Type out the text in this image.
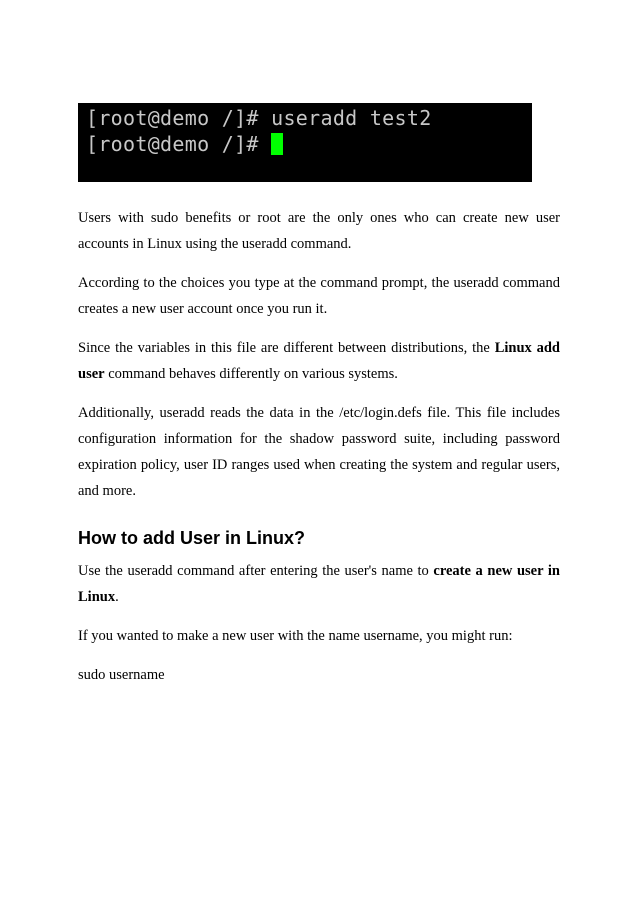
[root@demo /]# useradd test2
[root@demo /]#

Users with sudo benefits or root are the only ones who can create new user accounts in Linux using the useradd command.

According to the choices you type at the command prompt, the useradd command creates a new user account once you run it.

Since the variables in this file are different between distributions, the Linux add user command behaves differently on various systems.

Additionally, useradd reads the data in the /etc/login.defs file. This file includes configuration information for the shadow password suite, including password expiration policy, user ID ranges used when creating the system and regular users, and more.

How to add User in Linux?

Use the useradd command after entering the user's name to create a new user in Linux.

If you wanted to make a new user with the name username, you might run:

sudo username
